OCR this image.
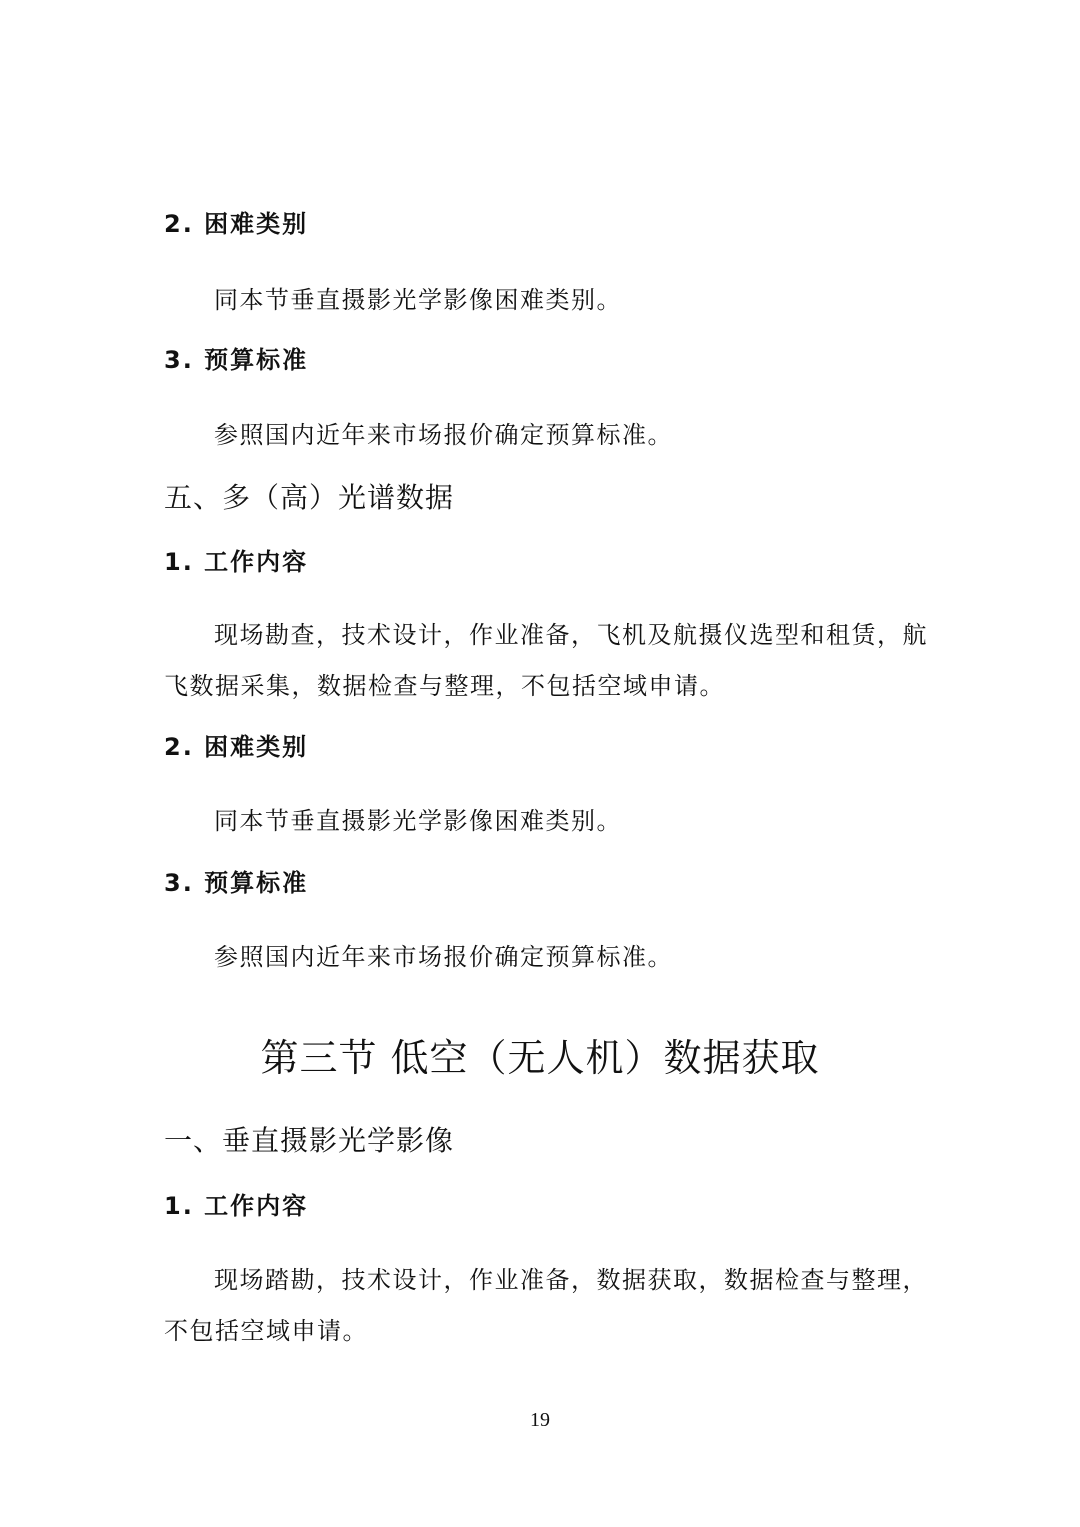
2. 困难类别
同本节垂直摄影光学影像困难类别。
3. 预算标准
参照国内近年来市场报价确定预算标准。
五、多（高）光谱数据
1. 工作内容
现场勘查，技术设计，作业准备，飞机及航摄仪选型和租赁，航
飞数据采集，数据检查与整理，不包括空域申请。
2. 困难类别
同本节垂直摄影光学影像困难类别。
3. 预算标准
参照国内近年来市场报价确定预算标准。
第三节 低空（无人机）数据获取
一、垂直摄影光学影像
1. 工作内容
现场踏勘，技术设计，作业准备，数据获取，数据检查与整理，
不包括空域申请。
19
